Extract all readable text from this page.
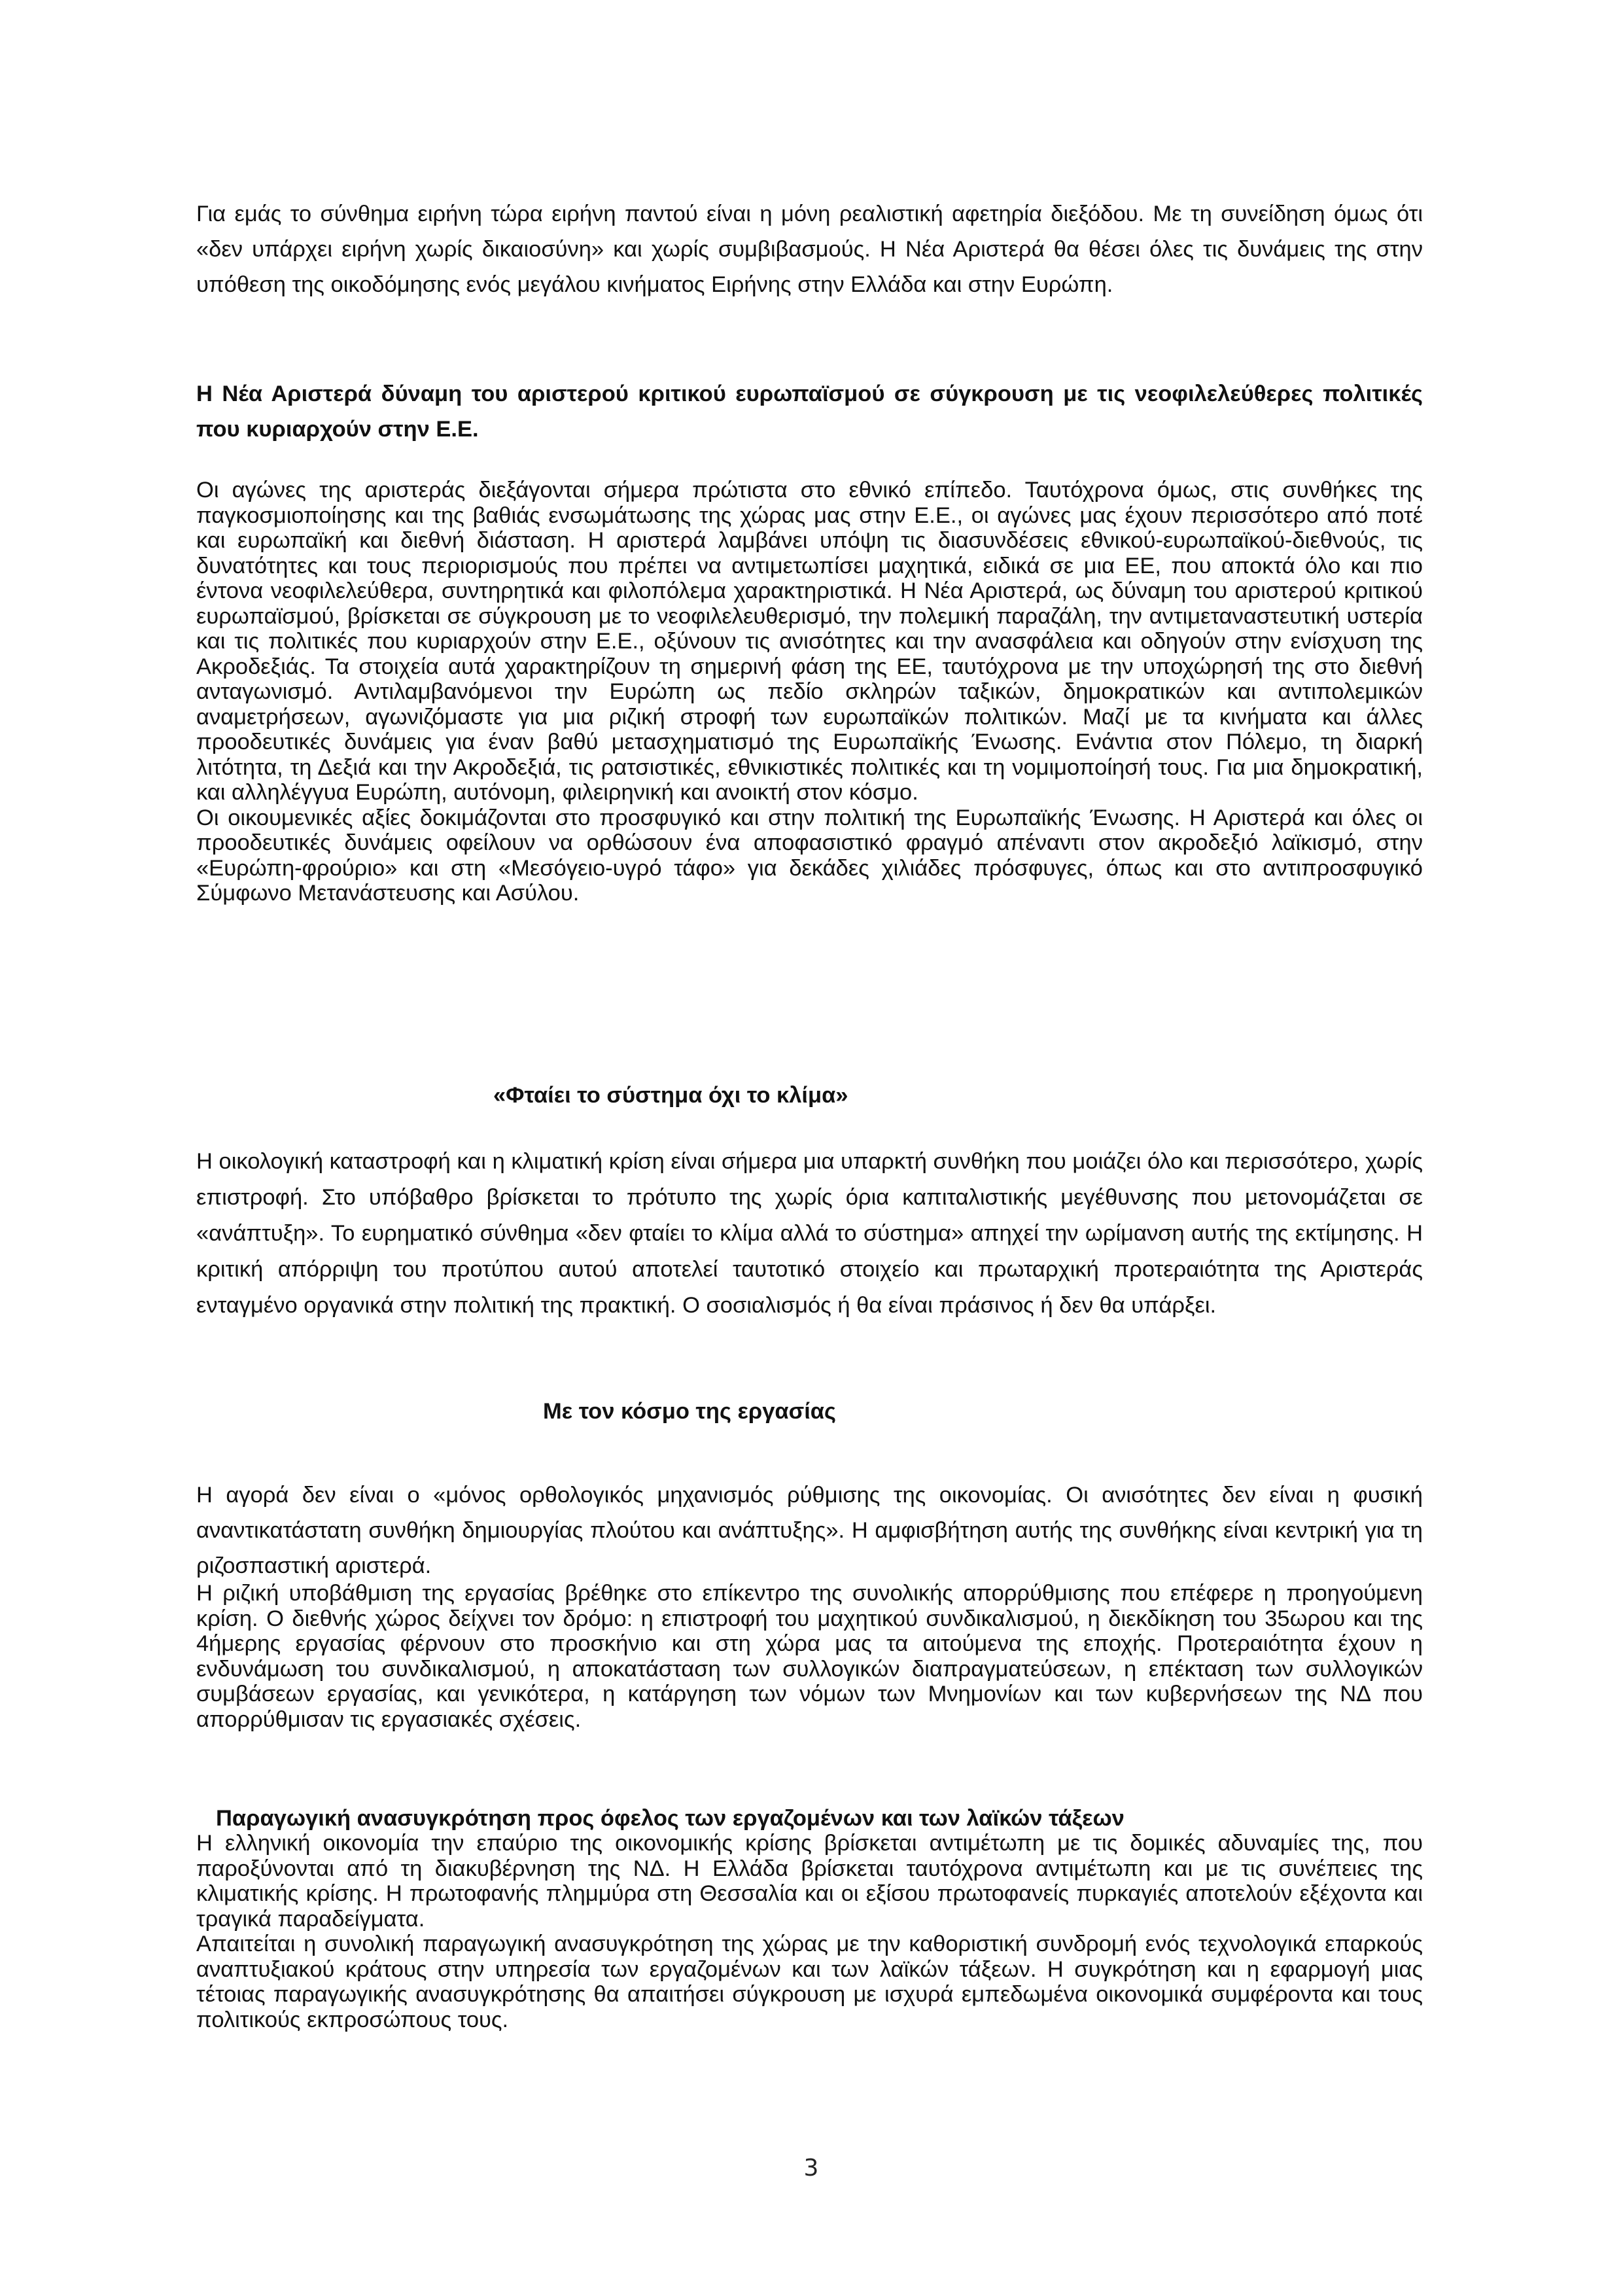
Για εμάς το σύνθημα ειρήνη τώρα ειρήνη παντού είναι η μόνη ρεαλιστική αφετηρία διεξόδου. Με τη συνείδηση όμως ότι «δεν υπάρχει ειρήνη χωρίς δικαιοσύνη» και χωρίς συμβιβασμούς. Η Νέα Αριστερά θα θέσει όλες τις δυνάμεις της στην υπόθεση της οικοδόμησης ενός μεγάλου κινήματος Ειρήνης στην Ελλάδα και στην Ευρώπη.

Η Νέα Αριστερά δύναμη του αριστερού κριτικού ευρωπαϊσμού σε σύγκρουση με τις νεοφιλελεύθερες πολιτικές που κυριαρχούν στην Ε.Ε.

Οι αγώνες της αριστεράς διεξάγονται σήμερα πρώτιστα στο εθνικό επίπεδο. Ταυτόχρονα όμως, στις συνθήκες της παγκοσμιοποίησης και της βαθιάς ενσωμάτωσης της χώρας μας στην Ε.Ε., οι αγώνες μας έχουν περισσότερο από ποτέ και ευρωπαϊκή και διεθνή διάσταση. Η αριστερά λαμβάνει υπόψη τις διασυνδέσεις εθνικού-ευρωπαϊκού-διεθνούς, τις δυνατότητες και τους περιορισμούς που πρέπει να αντιμετωπίσει μαχητικά, ειδικά σε μια ΕΕ, που αποκτά όλο και πιο έντονα νεοφιλελεύθερα, συντηρητικά και φιλοπόλεμα χαρακτηριστικά. Η Νέα Αριστερά, ως δύναμη του αριστερού κριτικού ευρωπαϊσμού, βρίσκεται σε σύγκρουση με το νεοφιλελευθερισμό, την πολεμική παραζάλη, την αντιμεταναστευτική υστερία και τις πολιτικές που κυριαρχούν στην Ε.Ε., οξύνουν τις ανισότητες και την ανασφάλεια και οδηγούν στην ενίσχυση της Ακροδεξιάς. Τα στοιχεία αυτά χαρακτηρίζουν τη σημερινή φάση της ΕΕ, ταυτόχρονα με την υποχώρησή της στο διεθνή ανταγωνισμό. Αντιλαμβανόμενοι την Ευρώπη ως πεδίο σκληρών ταξικών, δημοκρατικών και αντιπολεμικών αναμετρήσεων, αγωνιζόμαστε για μια ριζική στροφή των ευρωπαϊκών πολιτικών. Μαζί με τα κινήματα και άλλες προοδευτικές δυνάμεις για έναν βαθύ μετασχηματισμό της Ευρωπαϊκής Ένωσης. Ενάντια στον Πόλεμο, τη διαρκή λιτότητα, τη Δεξιά και την Ακροδεξιά, τις ρατσιστικές, εθνικιστικές πολιτικές και τη νομιμοποίησή τους. Για μια δημοκρατική, και αλληλέγγυα Ευρώπη, αυτόνομη, φιλειρηνική και ανοικτή στον κόσμο.

Οι οικουμενικές αξίες δοκιμάζονται στο προσφυγικό και στην πολιτική της Ευρωπαϊκής Ένωσης. Η Αριστερά και όλες οι προοδευτικές δυνάμεις οφείλουν να ορθώσουν ένα αποφασιστικό φραγμό απέναντι στον ακροδεξιό λαϊκισμό, στην «Ευρώπη-φρούριο» και στη «Μεσόγειο-υγρό τάφο» για δεκάδες χιλιάδες πρόσφυγες, όπως και στο αντιπροσφυγικό Σύμφωνο Μετανάστευσης και Ασύλου.

«Φταίει το σύστημα όχι το κλίμα»

Η οικολογική καταστροφή και η κλιματική κρίση είναι σήμερα μια υπαρκτή συνθήκη που μοιάζει όλο και περισσότερο, χωρίς επιστροφή. Στο υπόβαθρο βρίσκεται το πρότυπο της χωρίς όρια καπιταλιστικής μεγέθυνσης που μετονομάζεται σε «ανάπτυξη». Το ευρηματικό σύνθημα «δεν φταίει το κλίμα αλλά το σύστημα» απηχεί την ωρίμανση αυτής της εκτίμησης. Η κριτική απόρριψη του προτύπου αυτού αποτελεί ταυτοτικό στοιχείο και πρωταρχική προτεραιότητα της Αριστεράς ενταγμένο οργανικά στην πολιτική της πρακτική. Ο σοσιαλισμός ή θα είναι πράσινος ή δεν θα υπάρξει.

Με τον κόσμο της εργασίας

Η αγορά δεν είναι ο «μόνος ορθολογικός μηχανισμός ρύθμισης της οικονομίας. Οι ανισότητες δεν είναι η φυσική αναντικατάστατη συνθήκη δημιουργίας πλούτου και ανάπτυξης». Η αμφισβήτηση αυτής της συνθήκης είναι κεντρική για τη ριζοσπαστική αριστερά.

Η ριζική υποβάθμιση της εργασίας βρέθηκε στο επίκεντρο της συνολικής απορρύθμισης που επέφερε η προηγούμενη κρίση. Ο διεθνής χώρος δείχνει τον δρόμο: η επιστροφή του μαχητικού συνδικαλισμού, η διεκδίκηση του 35ωρου και της 4ήμερης εργασίας φέρνουν στο προσκήνιο και στη χώρα μας τα αιτούμενα της εποχής. Προτεραιότητα έχουν η ενδυνάμωση του συνδικαλισμού, η αποκατάσταση των συλλογικών διαπραγματεύσεων, η επέκταση των συλλογικών συμβάσεων εργασίας, και γενικότερα, η κατάργηση των νόμων των Μνημονίων και των κυβερνήσεων της ΝΔ που απορρύθμισαν τις εργασιακές σχέσεις.

Παραγωγική ανασυγκρότηση προς όφελος των εργαζομένων και των λαϊκών τάξεων

Η ελληνική οικονομία την επαύριο της οικονομικής κρίσης βρίσκεται αντιμέτωπη με τις δομικές αδυναμίες της, που παροξύνονται από τη διακυβέρνηση της ΝΔ. Η Ελλάδα βρίσκεται ταυτόχρονα αντιμέτωπη και με τις συνέπειες της κλιματικής κρίσης. Η πρωτοφανής πλημμύρα στη Θεσσαλία και οι εξίσου πρωτοφανείς πυρκαγιές αποτελούν εξέχοντα και τραγικά παραδείγματα.

Απαιτείται η συνολική παραγωγική ανασυγκρότηση της χώρας με την καθοριστική συνδρομή ενός τεχνολογικά επαρκούς αναπτυξιακού κράτους στην υπηρεσία των εργαζομένων και των λαϊκών τάξεων. Η συγκρότηση και η εφαρμογή μιας τέτοιας παραγωγικής ανασυγκρότησης θα απαιτήσει σύγκρουση με ισχυρά εμπεδωμένα οικονομικά συμφέροντα και τους πολιτικούς εκπροσώπους τους.

3
